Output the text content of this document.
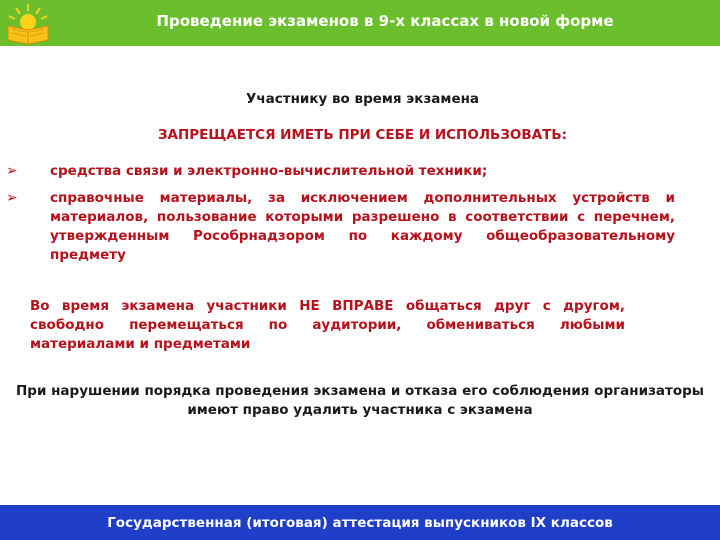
Проведение экзаменов в 9-х классах в новой форме
Участнику во время экзамена
ЗАПРЕЩАЕТСЯ ИМЕТЬ ПРИ СЕБЕ И ИСПОЛЬЗОВАТЬ:
➢ средства связи и электронно-вычислительной техники;
➢ справочные материалы, за исключением дополнительных устройств и материалов, пользование которыми разрешено в соответствии с перечнем, утвержденным Рособрнадзором по каждому общеобразовательному предмету
Во время экзамена участники НЕ ВПРАВЕ общаться друг с другом, свободно перемещаться по аудитории, обмениваться любыми материалами и предметами
При нарушении порядка проведения экзамена и отказа его соблюдения организаторы имеют право удалить участника с экзамена
Государственная (итоговая) аттестация выпускников IX классов
